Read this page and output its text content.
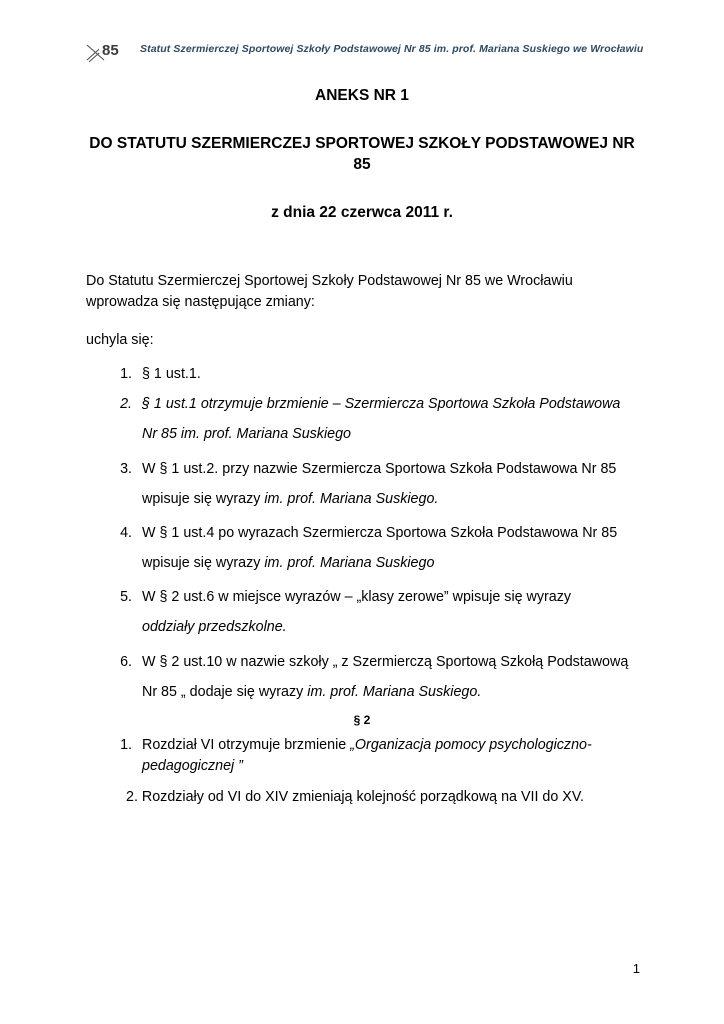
85 Statut Szermierczej Sportowej Szkoły Podstawowej Nr 85 im. prof. Mariana Suskiego we Wrocławiu

ANEKS NR 1

DO STATUTU SZERMIERCZEJ SPORTOWEJ SZKOŁY PODSTAWOWEJ NR 85

z dnia 22 czerwca 2011 r.

Do Statutu Szermierczej Sportowej Szkoły Podstawowej Nr 85 we Wrocławiu wprowadza się następujące zmiany:

uchyla się:

1. § 1 ust.1.
2. § 1 ust.1 otrzymuje brzmienie – Szermiercza Sportowa Szkoła Podstawowa

Nr 85 im. prof. Mariana Suskiego

3. W § 1 ust.2. przy nazwie Szermiercza Sportowa Szkoła Podstawowa Nr 85

wpisuje się wyrazy im. prof. Mariana Suskiego.

4. W § 1 ust.4 po wyrazach Szermiercza Sportowa Szkoła Podstawowa Nr 85

wpisuje się wyrazy im. prof. Mariana Suskiego

5. W § 2 ust.6 w miejsce wyrazów – „klasy zerowe” wpisuje się wyrazy

oddziały przedszkolne.

6. W § 2 ust.10 w nazwie szkoły „ z Szermierczą Sportową Szkołą Podstawową

Nr 85 „ dodaje się wyrazy im. prof. Mariana Suskiego.

§ 2

1. Rozdział VI otrzymuje brzmienie „Organizacja pomocy psychologiczno-pedagogicznej ”

2. Rozdziały od VI do XIV zmieniają kolejność porządkową na VII do XV.

1
